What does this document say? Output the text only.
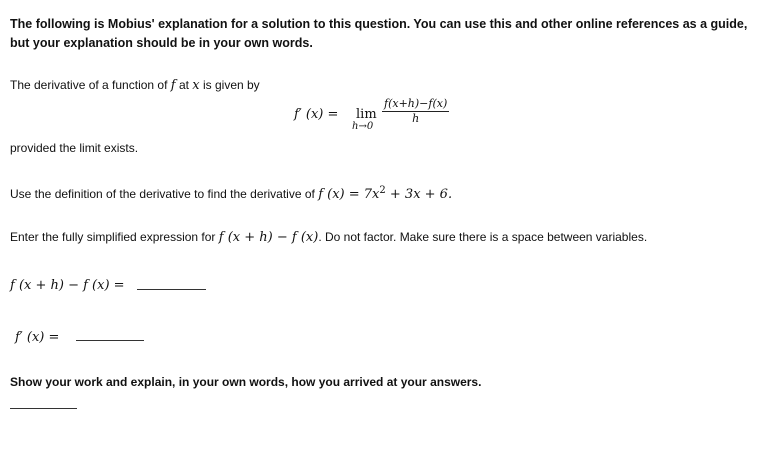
The following is Mobius' explanation for a solution to this question. You can use this and other online references as a guide, but your explanation should be in your own words.
The derivative of a function of f at x is given by
f′ (x) = lim
h→0
$\frac{f(x+h)-f(x)}{h}$
provided the limit exists.
Use the definition of the derivative to find the derivative of f $(x) = 7x^2 + 3x + 6$.
Enter the fully simplified expression for f (x + h) − f (x). Do not factor. Make sure there is a space between variables.
f (x + h) − f (x) =
f′ (x) =
Show your work and explain, in your own words, how you arrived at your answers.
